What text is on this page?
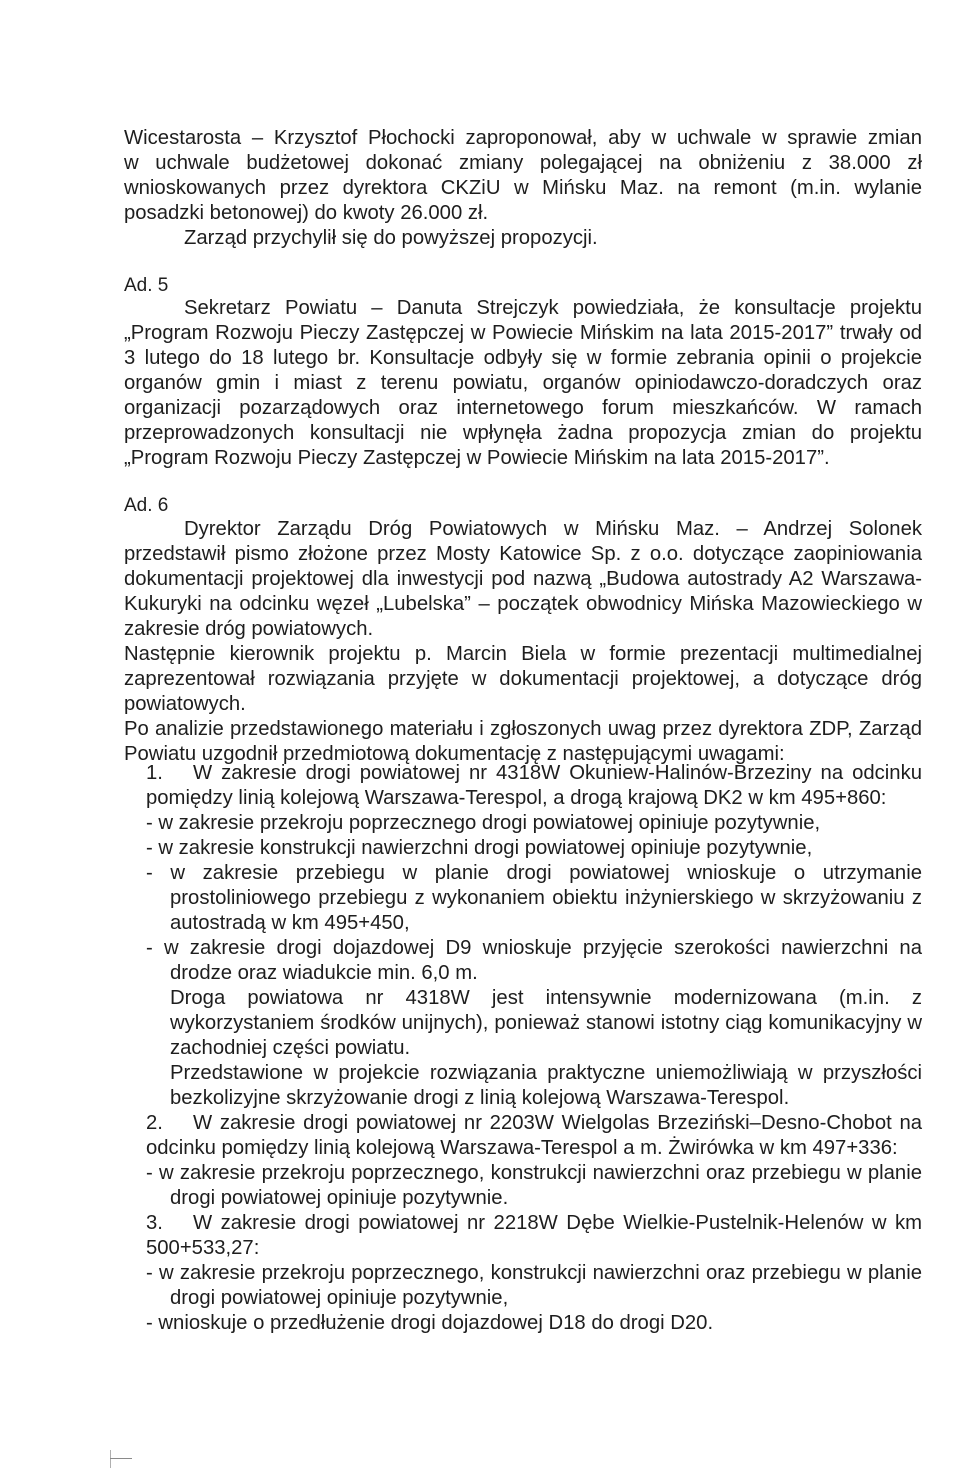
Wicestarosta – Krzysztof Płochocki zaproponował, aby w uchwale w sprawie zmian

w uchwale budżetowej dokonać zmiany polegającej na obniżeniu z 38.000 zł

wnioskowanych przez dyrektora CKZiU w Mińsku Maz. na remont (m.in. wylanie

posadzki betonowej) do kwoty 26.000 zł.

Zarząd przychylił się do powyższej propozycji.

Ad. 5

Sekretarz Powiatu – Danuta Strejczyk powiedziała, że konsultacje projektu „Program Rozwoju Pieczy Zastępczej w Powiecie Mińskim na lata 2015-2017” trwały od 3 lutego do 18 lutego br. Konsultacje odbyły się w formie zebrania opinii o projekcie organów gmin i miast z terenu powiatu, organów opiniodawczo-doradczych oraz organizacji pozarządowych oraz internetowego forum mieszkańców. W ramach przeprowadzonych konsultacji nie wpłynęła żadna propozycja zmian do projektu „Program Rozwoju Pieczy Zastępczej w Powiecie Mińskim na lata 2015-2017”.

Ad. 6

Dyrektor Zarządu Dróg Powiatowych w Mińsku Maz. – Andrzej Solonek przedstawił pismo złożone przez Mosty Katowice Sp. z o.o. dotyczące zaopiniowania dokumentacji projektowej dla inwestycji pod nazwą „Budowa autostrady A2 Warszawa-Kukuryki na odcinku węzeł „Lubelska” – początek obwodnicy Mińska Mazowieckiego w zakresie dróg powiatowych.

Następnie kierownik projektu p. Marcin Biela w formie prezentacji multimedialnej zaprezentował rozwiązania przyjęte w dokumentacji projektowej, a dotyczące dróg powiatowych.

Po analizie przedstawionego materiału i zgłoszonych uwag przez dyrektora ZDP, Zarząd Powiatu uzgodnił przedmiotową dokumentację z następującymi uwagami:

1.	W zakresie drogi powiatowej nr 4318W Okuniew-Halinów-Brzeziny na odcinku pomiędzy linią kolejową Warszawa-Terespol, a drogą krajową DK2 w km 495+860:

- w zakresie przekroju poprzecznego drogi powiatowej opiniuje pozytywnie,

- w zakresie konstrukcji nawierzchni drogi powiatowej opiniuje pozytywnie,

- w zakresie przebiegu w planie drogi powiatowej wnioskuje o utrzymanie prostoliniowego przebiegu z wykonaniem obiektu inżynierskiego w skrzyżowaniu z autostradą w km 495+450,

- w zakresie drogi dojazdowej D9 wnioskuje przyjęcie szerokości nawierzchni na drodze oraz wiadukcie min. 6,0 m.

Droga powiatowa nr 4318W jest intensywnie modernizowana (m.in. z wykorzystaniem środków unijnych), ponieważ stanowi istotny ciąg komunikacyjny w zachodniej części powiatu.

Przedstawione w projekcie rozwiązania praktyczne uniemożliwiają w przyszłości bezkolizyjne skrzyżowanie drogi z linią kolejową Warszawa-Terespol.

2.	W zakresie drogi powiatowej nr 2203W Wielgolas Brzeziński–Desno-Chobot na odcinku pomiędzy linią kolejową Warszawa-Terespol a m. Żwirówka w km 497+336:

- w zakresie przekroju poprzecznego, konstrukcji nawierzchni oraz przebiegu w planie drogi powiatowej opiniuje pozytywnie.

3.	W zakresie drogi powiatowej nr 2218W Dębe Wielkie-Pustelnik-Helenów w km 500+533,27:

- w zakresie przekroju poprzecznego, konstrukcji nawierzchni oraz przebiegu w planie drogi powiatowej opiniuje pozytywnie,

- wnioskuje o przedłużenie drogi dojazdowej D18 do drogi D20.
